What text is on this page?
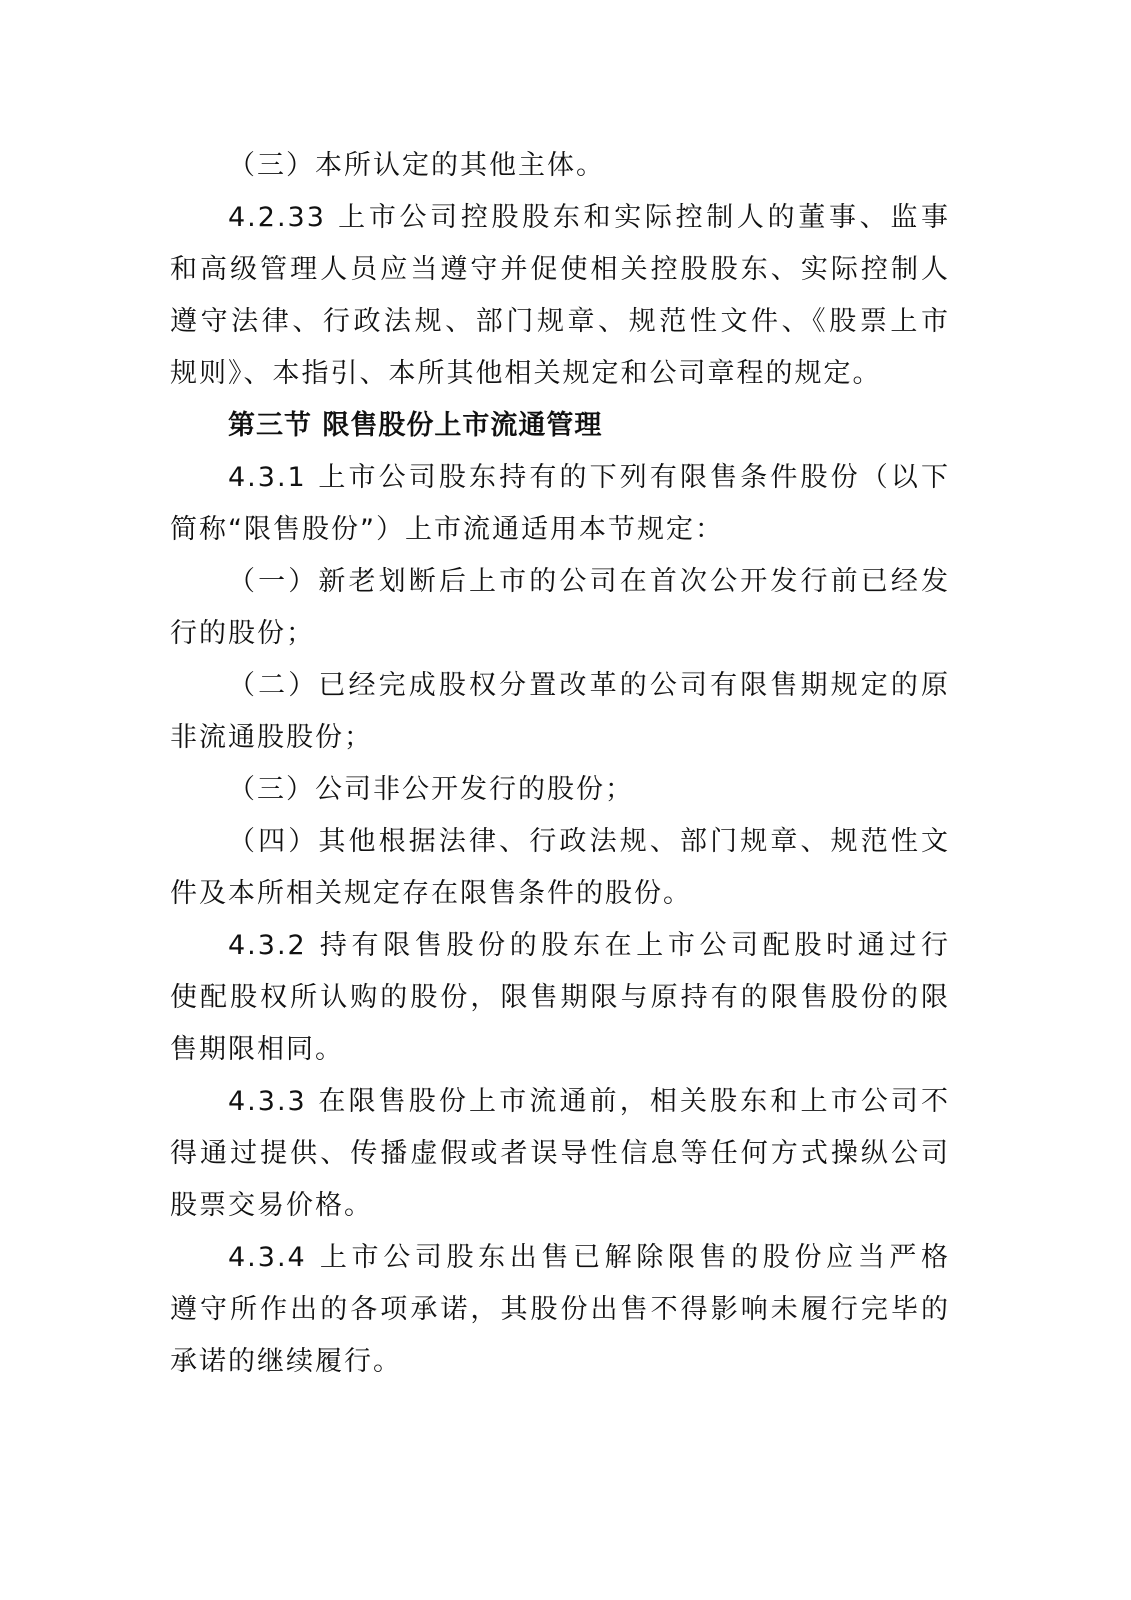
（三）本所认定的其他主体。
4.2.33 上市公司控股股东和实际控制人的董事、监事
和高级管理人员应当遵守并促使相关控股股东、实际控制人
遵守法律、行政法规、部门规章、规范性文件、《股票上市
规则》、本指引、本所其他相关规定和公司章程的规定。
第三节 限售股份上市流通管理
4.3.1 上市公司股东持有的下列有限售条件股份（以下
简称“限售股份”）上市流通适用本节规定：
（一）新老划断后上市的公司在首次公开发行前已经发
行的股份；
（二）已经完成股权分置改革的公司有限售期规定的原
非流通股股份；
（三）公司非公开发行的股份；
（四）其他根据法律、行政法规、部门规章、规范性文
件及本所相关规定存在限售条件的股份。
4.3.2 持有限售股份的股东在上市公司配股时通过行
使配股权所认购的股份，限售期限与原持有的限售股份的限
售期限相同。
4.3.3 在限售股份上市流通前，相关股东和上市公司不
得通过提供、传播虚假或者误导性信息等任何方式操纵公司
股票交易价格。
4.3.4 上市公司股东出售已解除限售的股份应当严格
遵守所作出的各项承诺，其股份出售不得影响未履行完毕的
承诺的继续履行。
